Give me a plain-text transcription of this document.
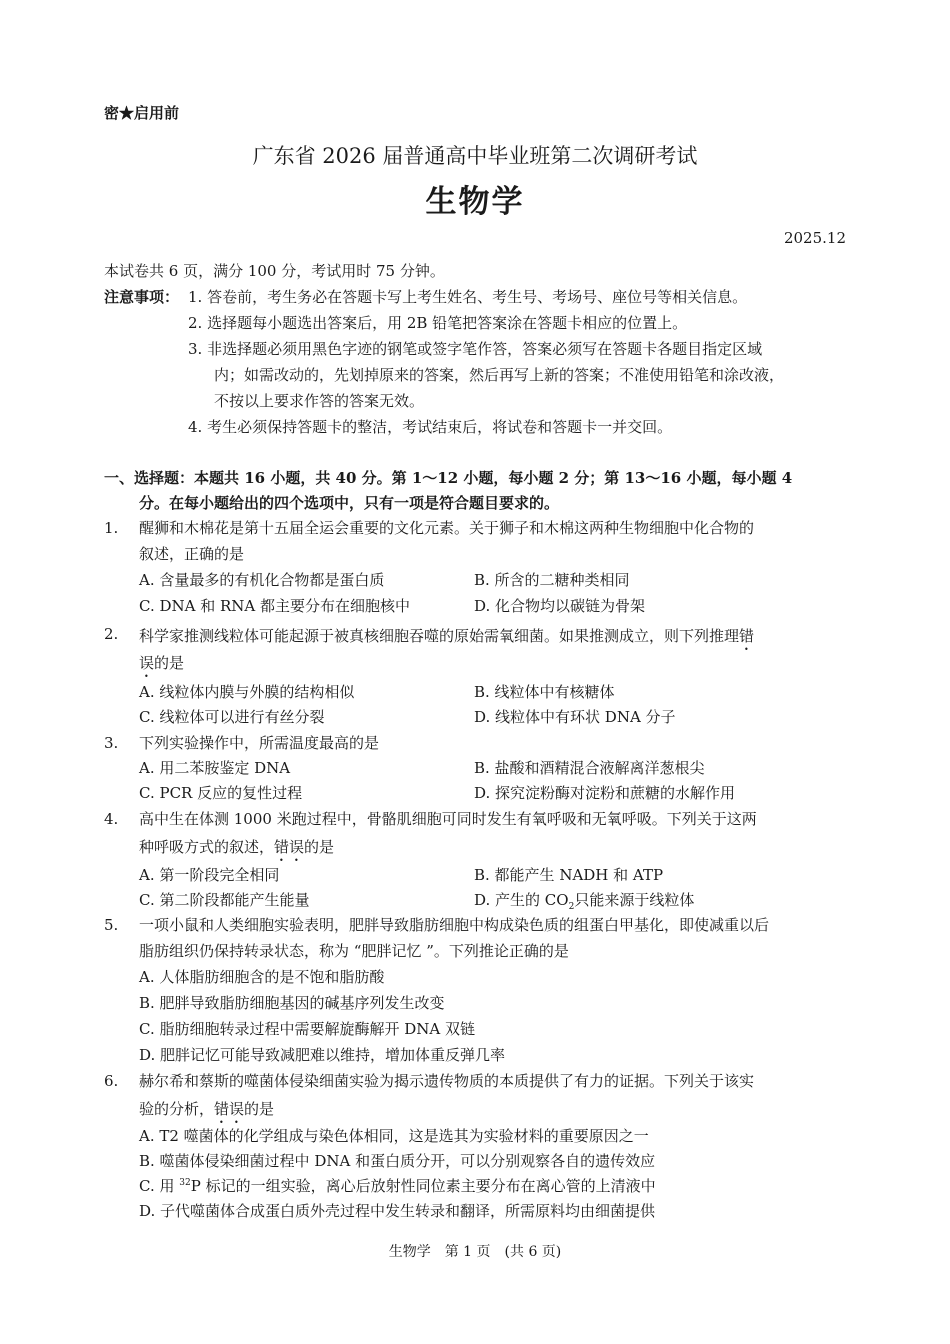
密★启用前
广东省 2026 届普通高中毕业班第二次调研考试
生物学
2025.12
本试卷共 6 页，满分 100 分，考试用时 75 分钟。
注意事项： 1. 答卷前，考生务必在答题卡写上考生姓名、考生号、考场号、座位号等相关信息。
2. 选择题每小题选出答案后，用 2B 铅笔把答案涂在答题卡相应的位置上。
3. 非选择题必须用黑色字迹的钢笔或签字笔作答，答案必须写在答题卡各题目指定区域
内；如需改动的，先划掉原来的答案，然后再写上新的答案；不准使用铅笔和涂改液，
不按以上要求作答的答案无效。
4. 考生必须保持答题卡的整洁，考试结束后，将试卷和答题卡一并交回。
一、选择题：本题共 16 小题，共 40 分。第 1～12 小题，每小题 2 分；第 13～16 小题，每小题 4
分。在每小题给出的四个选项中，只有一项是符合题目要求的。
1. 醒狮和木棉花是第十五届全运会重要的文化元素。关于狮子和木棉这两种生物细胞中化合物的
叙述，正确的是
A. 含量最多的有机化合物都是蛋白质	B. 所含的二糖种类相同
C. DNA 和 RNA 都主要分布在细胞核中	D. 化合物均以碳链为骨架
2. 科学家推测线粒体可能起源于被真核细胞吞噬的原始需氧细菌。如果推测成立，则下列推理错
误的是
A. 线粒体内膜与外膜的结构相似	B. 线粒体中有核糖体
C. 线粒体可以进行有丝分裂	D. 线粒体中有环状 DNA 分子
3. 下列实验操作中，所需温度最高的是
A. 用二苯胺鉴定 DNA	B. 盐酸和酒精混合液解离洋葱根尖
C. PCR 反应的复性过程	D. 探究淀粉酶对淀粉和蔗糖的水解作用
4. 高中生在体测 1000 米跑过程中，骨骼肌细胞可同时发生有氧呼吸和无氧呼吸。下列关于这两
种呼吸方式的叙述，错误的是
A. 第一阶段完全相同	B. 都能产生 NADH 和 ATP
C. 第二阶段都能产生能量	D. 产生的 $CO_2$只能来源于线粒体
5. 一项小鼠和人类细胞实验表明，肥胖导致脂肪细胞中构成染色质的组蛋白甲基化，即使减重以后
脂肪组织仍保持转录状态，称为 “肥胖记忆 ”。下列推论正确的是
A. 人体脂肪细胞含的是不饱和脂肪酸
B. 肥胖导致脂肪细胞基因的碱基序列发生改变
C. 脂肪细胞转录过程中需要解旋酶解开 DNA 双链
D. 肥胖记忆可能导致减肥难以维持，增加体重反弹几率
6. 赫尔希和蔡斯的噬菌体侵染细菌实验为揭示遗传物质的本质提供了有力的证据。下列关于该实
验的分析，错误的是
A. T2 噬菌体的化学组成与染色体相同，这是选其为实验材料的重要原因之一
B. 噬菌体侵染细菌过程中 DNA 和蛋白质分开，可以分别观察各自的遗传效应
C. 用 $^{32}$P 标记的一组实验，离心后放射性同位素主要分布在离心管的上清液中
D. 子代噬菌体合成蛋白质外壳过程中发生转录和翻译，所需原料均由细菌提供
生物学　第 1 页　(共 6 页)
